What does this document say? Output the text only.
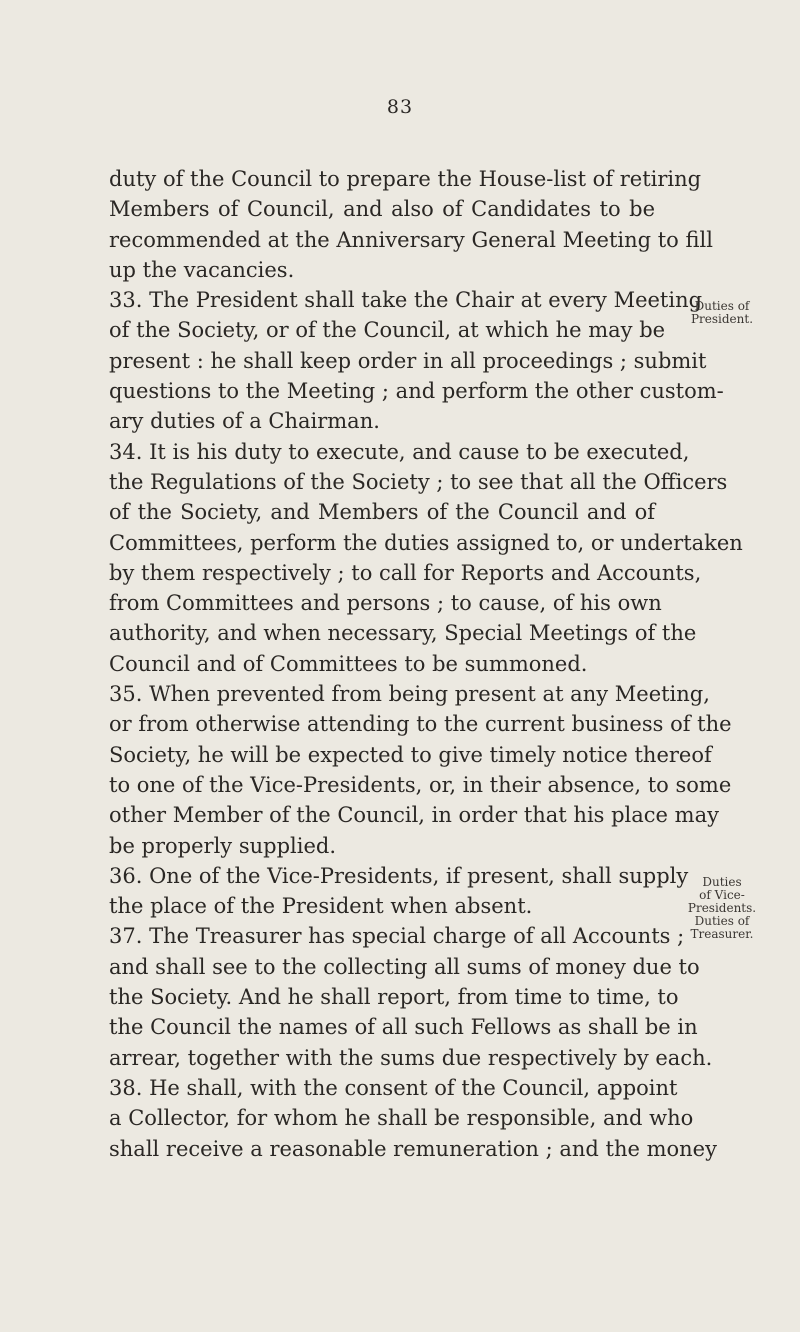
83
duty of the Council to prepare the House-list of retiring
Members of Council, and also of Candidates to be
recommended at the Anniversary General Meeting to fill
up the vacancies.
33. The President shall take the Chair at every Meeting
of the Society, or of the Council, at which he may be
present : he shall keep order in all proceedings ; submit
questions to the Meeting ; and perform the other custom-
ary duties of a Chairman.
34. It is his duty to execute, and cause to be executed,
the Regulations of the Society ; to see that all the Officers
of the Society, and Members of the Council and of
Committees, perform the duties assigned to, or undertaken
by them respectively ; to call for Reports and Accounts,
from Committees and persons ; to cause, of his own
authority, and when necessary, Special Meetings of the
Council and of Committees to be summoned.
35. When prevented from being present at any Meeting,
or from otherwise attending to the current business of the
Society, he will be expected to give timely notice thereof
to one of the Vice-Presidents, or, in their absence, to some
other Member of the Council, in order that his place may
be properly supplied.
36. One of the Vice-Presidents, if present, shall supply
the place of the President when absent.
37. The Treasurer has special charge of all Accounts ;
and shall see to the collecting all sums of money due to
the Society. And he shall report, from time to time, to
the Council the names of all such Fellows as shall be in
arrear, together with the sums due respectively by each.
38. He shall, with the consent of the Council, appoint
a Collector, for whom he shall be responsible, and who
shall receive a reasonable remuneration ; and the money
Duties of
President.
Duties
of Vice-
Presidents.
Duties of
Treasurer.
